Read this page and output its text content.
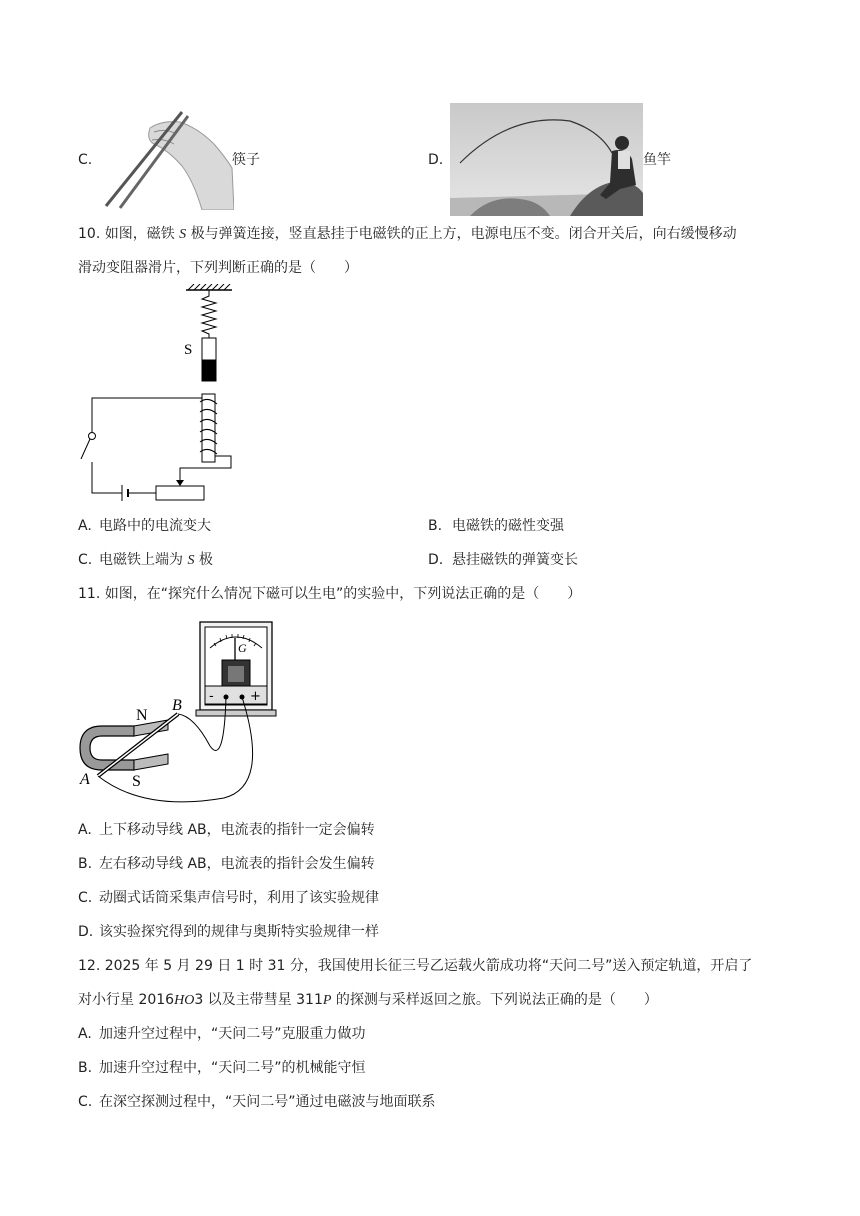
C.	筷子	D.	鱼竿
10. 如图，磁铁 S 极与弹簧连接，竖直悬挂于电磁铁的正上方，电源电压不变。闭合开关后，向右缓慢移动
滑动变阻器滑片，下列判断正确的是（　　）
S
A. 电路中的电流变大	B. 电磁铁的磁性变强
C. 电磁铁上端为 S 极	D. 悬挂磁铁的弹簧变长
11. 如图，在“探究什么情况下磁可以生电”的实验中，下列说法正确的是（　　）
G
-	+
N
S
A
B
A. 上下移动导线 AB，电流表的指针一定会偏转
B. 左右移动导线 AB，电流表的指针会发生偏转
C. 动圈式话筒采集声信号时，利用了该实验规律
D. 该实验探究得到的规律与奥斯特实验规律一样
12. 2025 年 5 月 29 日 1 时 31 分，我国使用长征三号乙运载火箭成功将“天问二号”送入预定轨道，开启了
对小行星 2016HO3 以及主带彗星 311P 的探测与采样返回之旅。下列说法正确的是（　　）
A. 加速升空过程中，“天问二号”克服重力做功
B. 加速升空过程中，“天问二号”的机械能守恒
C. 在深空探测过程中，“天问二号”通过电磁波与地面联系
